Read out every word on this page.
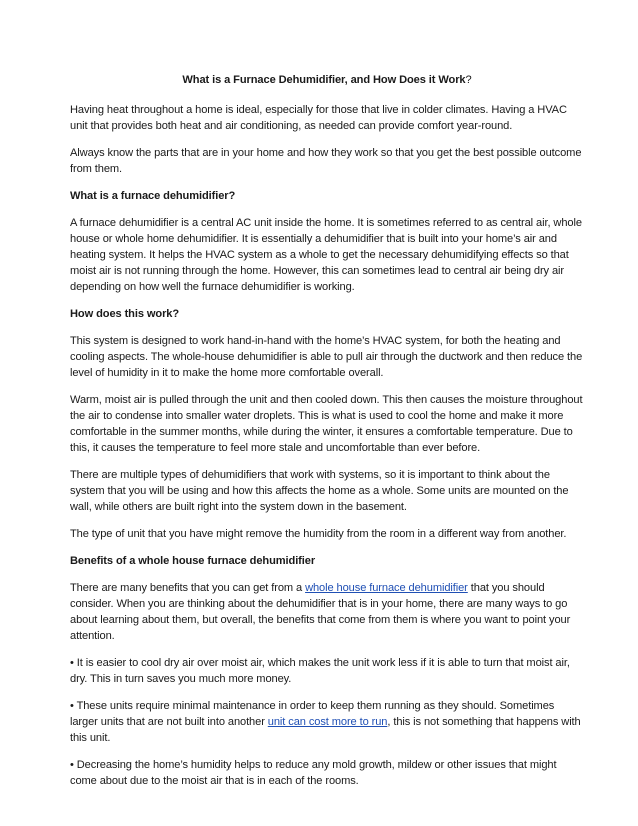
What is a Furnace Dehumidifier, and How Does it Work?

Having heat throughout a home is ideal, especially for those that live in colder climates. Having a HVAC unit that provides both heat and air conditioning, as needed can provide comfort year-round.

Always know the parts that are in your home and how they work so that you get the best possible outcome from them.

What is a furnace dehumidifier?

A furnace dehumidifier is a central AC unit inside the home. It is sometimes referred to as central air, whole house or whole home dehumidifier. It is essentially a dehumidifier that is built into your home’s air and heating system. It helps the HVAC system as a whole to get the necessary dehumidifying effects so that moist air is not running through the home. However, this can sometimes lead to central air being dry air depending on how well the furnace dehumidifier is working.

How does this work?

This system is designed to work hand-in-hand with the home’s HVAC system, for both the heating and cooling aspects. The whole-house dehumidifier is able to pull air through the ductwork and then reduce the level of humidity in it to make the home more comfortable overall.

Warm, moist air is pulled through the unit and then cooled down. This then causes the moisture throughout the air to condense into smaller water droplets. This is what is used to cool the home and make it more comfortable in the summer months, while during the winter, it ensures a comfortable temperature. Due to this, it causes the temperature to feel more stale and uncomfortable than ever before.

There are multiple types of dehumidifiers that work with systems, so it is important to think about the system that you will be using and how this affects the home as a whole. Some units are mounted on the wall, while others are built right into the system down in the basement.

The type of unit that you have might remove the humidity from the room in a different way from another.

Benefits of a whole house furnace dehumidifier

There are many benefits that you can get from a whole house furnace dehumidifier that you should consider. When you are thinking about the dehumidifier that is in your home, there are many ways to go about learning about them, but overall, the benefits that come from them is where you want to point your attention.

• It is easier to cool dry air over moist air, which makes the unit work less if it is able to turn that moist air, dry. This in turn saves you much more money.

• These units require minimal maintenance in order to keep them running as they should. Sometimes larger units that are not built into another unit can cost more to run, this is not something that happens with this unit.

• Decreasing the home’s humidity helps to reduce any mold growth, mildew or other issues that might come about due to the moist air that is in each of the rooms.
